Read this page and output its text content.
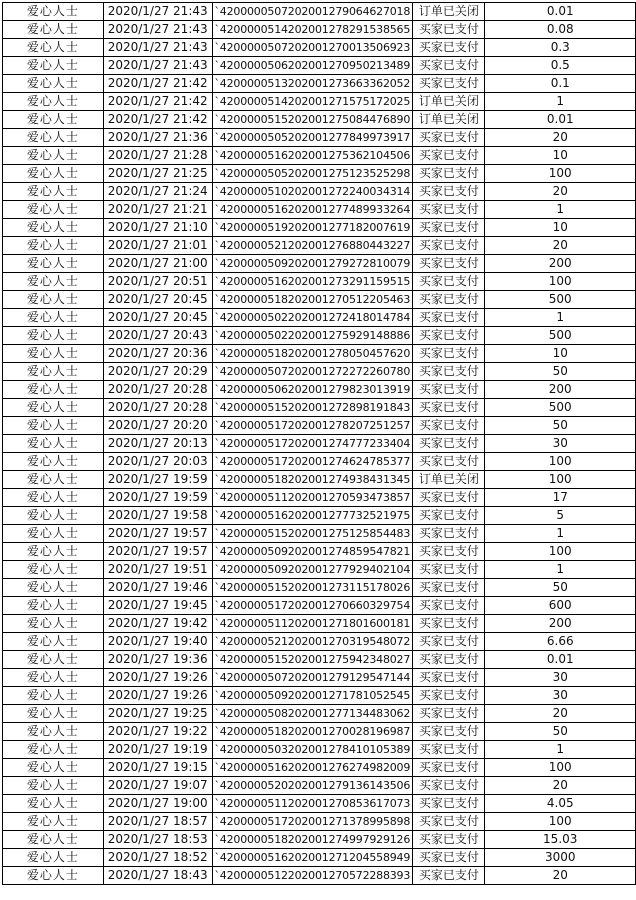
爱心人士	2020/1/27 21:43	`4200000507202001279064627018	订单已关闭	0.01
爱心人士	2020/1/27 21:43	`4200000514202001278291538565	买家已支付	0.08
爱心人士	2020/1/27 21:43	`4200000507202001270013506923	买家已支付	0.3
爱心人士	2020/1/27 21:43	`4200000506202001270950213489	买家已支付	0.5
爱心人士	2020/1/27 21:42	`4200000513202001273663362052	买家已支付	0.1
爱心人士	2020/1/27 21:42	`4200000514202001271575172025	订单已关闭	1
爱心人士	2020/1/27 21:42	`4200000515202001275084476890	订单已关闭	0.01
爱心人士	2020/1/27 21:36	`4200000505202001277849973917	买家已支付	20
爱心人士	2020/1/27 21:28	`4200000516202001275362104506	买家已支付	10
爱心人士	2020/1/27 21:25	`4200000505202001275123525298	买家已支付	100
爱心人士	2020/1/27 21:24	`4200000510202001272240034314	买家已支付	20
爱心人士	2020/1/27 21:21	`4200000516202001277489933264	买家已支付	1
爱心人士	2020/1/27 21:10	`4200000519202001277182007619	买家已支付	10
爱心人士	2020/1/27 21:01	`4200000521202001276880443227	买家已支付	20
爱心人士	2020/1/27 21:00	`4200000509202001279272810079	买家已支付	200
爱心人士	2020/1/27 20:51	`4200000516202001273291159515	买家已支付	100
爱心人士	2020/1/27 20:45	`4200000518202001270512205463	买家已支付	500
爱心人士	2020/1/27 20:45	`4200000502202001272418014784	买家已支付	1
爱心人士	2020/1/27 20:43	`4200000502202001275929148886	买家已支付	500
爱心人士	2020/1/27 20:36	`4200000518202001278050457620	买家已支付	10
爱心人士	2020/1/27 20:29	`4200000507202001272272260780	买家已支付	50
爱心人士	2020/1/27 20:28	`4200000506202001279823013919	买家已支付	200
爱心人士	2020/1/27 20:28	`4200000515202001272898191843	买家已支付	500
爱心人士	2020/1/27 20:20	`4200000517202001278207251257	买家已支付	50
爱心人士	2020/1/27 20:13	`4200000517202001274777233404	买家已支付	30
爱心人士	2020/1/27 20:03	`4200000517202001274624785377	买家已支付	100
爱心人士	2020/1/27 19:59	`4200000518202001274938431345	订单已关闭	100
爱心人士	2020/1/27 19:59	`4200000511202001270593473857	买家已支付	17
爱心人士	2020/1/27 19:58	`4200000516202001277732521975	买家已支付	5
爱心人士	2020/1/27 19:57	`4200000515202001275125854483	买家已支付	1
爱心人士	2020/1/27 19:57	`4200000509202001274859547821	买家已支付	100
爱心人士	2020/1/27 19:51	`4200000509202001277929402104	买家已支付	1
爱心人士	2020/1/27 19:46	`4200000515202001273115178026	买家已支付	50
爱心人士	2020/1/27 19:45	`4200000517202001270660329754	买家已支付	600
爱心人士	2020/1/27 19:42	`4200000511202001271801600181	买家已支付	200
爱心人士	2020/1/27 19:40	`4200000521202001270319548072	买家已支付	6.66
爱心人士	2020/1/27 19:36	`4200000515202001275942348027	买家已支付	0.01
爱心人士	2020/1/27 19:26	`4200000507202001279129547144	买家已支付	30
爱心人士	2020/1/27 19:26	`4200000509202001271781052545	买家已支付	30
爱心人士	2020/1/27 19:25	`4200000508202001277134483062	买家已支付	20
爱心人士	2020/1/27 19:22	`4200000518202001270028196987	买家已支付	50
爱心人士	2020/1/27 19:19	`4200000503202001278410105389	买家已支付	1
爱心人士	2020/1/27 19:15	`4200000516202001276274982009	买家已支付	100
爱心人士	2020/1/27 19:07	`4200000520202001279136143506	买家已支付	20
爱心人士	2020/1/27 19:00	`4200000511202001270853617073	买家已支付	4.05
爱心人士	2020/1/27 18:57	`4200000517202001271378995898	买家已支付	100
爱心人士	2020/1/27 18:53	`4200000518202001274997929126	买家已支付	15.03
爱心人士	2020/1/27 18:52	`4200000516202001271204558949	买家已支付	3000
爱心人士	2020/1/27 18:43	`4200000512202001270572288393	买家已支付	20
